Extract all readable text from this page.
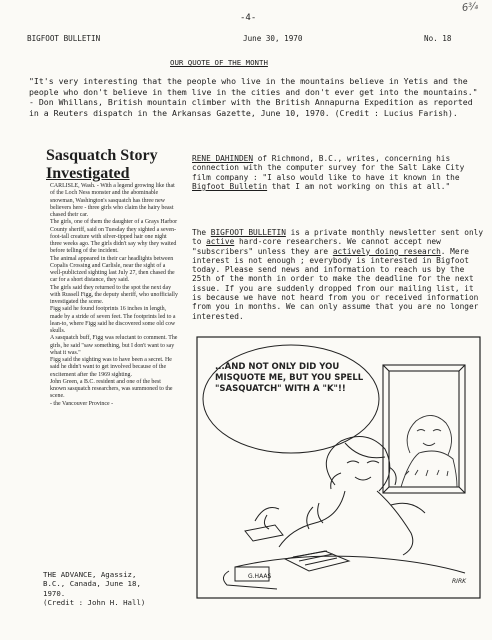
-4-
6¾
BIGFOOT BULLETIN	June 30, 1970	No. 18
OUR QUOTE OF THE MONTH

"It's very interesting that the people who live in the mountains believe in Yetis and the people who don't believe in them live in the cities and don't ever get into the mountains." - Don Whillans, British mountain climber with the British Annapurna Expedition as reported in a Reuters dispatch in the Arkansas Gazette, June 10, 1970. (Credit : Lucius Farish).

Sasquatch Story
Investigated

CARLISLE, Wash. - With a legend growing like that of the Loch Ness monster and the abominable snowman, Washington's sasquatch has three new believers here - three girls who claim the hairy beast chased their car.
The girls, one of them the daughter of a Grays Harbor County sheriff, said on Tuesday they sighted a seven-foot-tall creature with silver-tipped hair one night three weeks ago. The girls didn't say why they waited before telling of the incident.
The animal appeared in their car headlights between Copalis Crossing and Carlisle, near the sight of a well-publicized sighting last July 27, then chased the car for a short distance, they said.
The girls said they returned to the spot the next day with Russell Figg, the deputy sheriff, who unofficially investigated the scene.
Figg said he found footprints 16 inches in length, made by a stride of seven feet. The footprints led to a lean-to, where Figg said he discovered some old cow skulls.
A sasquatch buff, Figg was reluctant to comment. The girls, he said "saw something, but I don't want to say what it was."
Figg said the sighting was to have been a secret. He said he didn't want to get involved because of the excitement after the 1969 sighting.
John Green, a B.C. resident and one of the best known sasquatch researchers, was summoned to the scene.
- the Vancouver Province -

THE ADVANCE, Agassiz,
B.C., Canada, June 18,
1970.
(Credit : John H. Hall)

RENE DAHINDEN of Richmond, B.C., writes, concerning his connection with the computer survey for the Salt Lake City film company : "I also would like to have it known in the Bigfoot Bulletin that I am not working on this at all."

The BIGFOOT BULLETIN is a private monthly newsletter sent only to active hard-core researchers. We cannot accept new "subscribers" unless they are actively doing research. Mere interest is not enough ; everybody is interested in Bigfoot today. Please send news and information to reach us by the 25th of the month in order to make the deadline for the next issue. If you are suddenly dropped from our mailing list, it is because we have not heard from you or received information from you in months. We can only assume that you are no longer interested.

...AND NOT ONLY DID YOU MISQUOTE ME, BUT YOU SPELL "SASQUATCH" WITH A "K"!!

G.HAAS
RIRK
